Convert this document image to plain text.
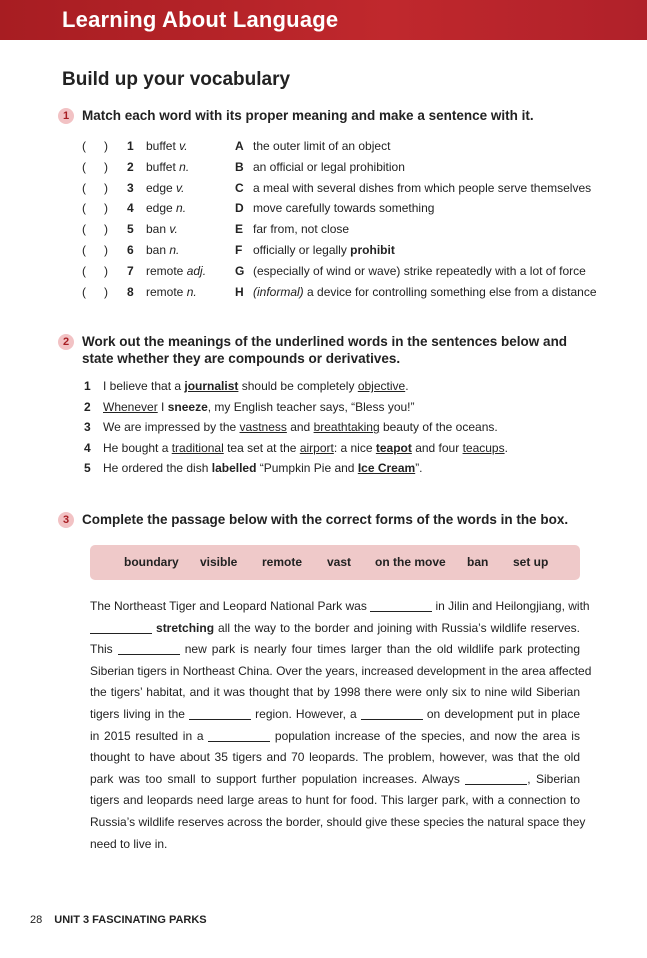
Learning About Language
Build up your vocabulary
1 Match each word with its proper meaning and make a sentence with it.
( ) 1 buffet v.	A the outer limit of an object
( ) 2 buffet n.	B an official or legal prohibition
( ) 3 edge v.	C a meal with several dishes from which people serve themselves
( ) 4 edge n.	D move carefully towards something
( ) 5 ban v.	E far from, not close
( ) 6 ban n.	F officially or legally prohibit
( ) 7 remote adj. G (especially of wind or wave) strike repeatedly with a lot of force
( ) 8 remote n.	H (informal) a device for controlling something else from a distance
2 Work out the meanings of the underlined words in the sentences below and
state whether they are compounds or derivatives.
1 I believe that a journalist should be completely objective.
2 Whenever I sneeze, my English teacher says, “Bless you!”
3 We are impressed by the vastness and breathtaking beauty of the oceans.
4 He bought a traditional tea set at the airport: a nice teapot and four teacups.
5 He ordered the dish labelled “Pumpkin Pie and Ice Cream”.
3 Complete the passage below with the correct forms of the words in the box.
boundary visible remote vast on the move ban set up
The Northeast Tiger and Leopard National Park was	in Jilin and Heilongjiang, with
stretching all the way to the border and joining with Russia’s wildlife reserves.
This	new park is nearly four times larger than the old wildlife park protecting
Siberian tigers in Northeast China. Over the years, increased development in the area affected
the tigers’ habitat, and it was thought that by 1998 there were only six to nine wild Siberian
tigers living in the	region. However, a	on development put in place
in 2015 resulted in a	population increase of the species, and now the area is
thought to have about 35 tigers and 70 leopards. The problem, however, was that the old
park was too small to support further population increases. Always	, Siberian
tigers and leopards need large areas to hunt for food. This larger park, with a connection to
Russia’s wildlife reserves across the border, should give these species the natural space they
need to live in.
28 UNIT 3 FASCINATING PARKS
